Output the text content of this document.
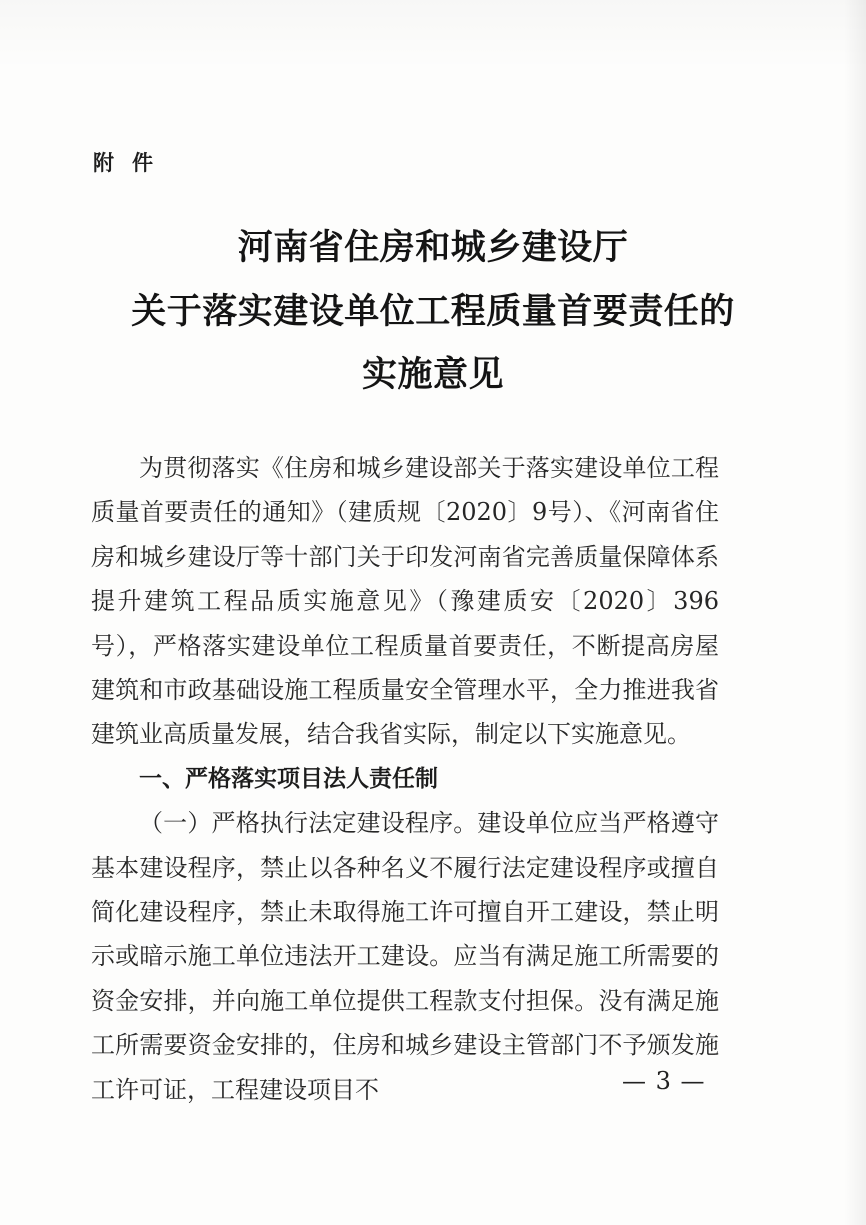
附 件
河南省住房和城乡建设厅
关于落实建设单位工程质量首要责任的
实施意见

为贯彻落实《住房和城乡建设部关于落实建设单位工程质量首要责任的通知》（建质规〔2020〕9号）、《河南省住房和城乡建设厅等十部门关于印发河南省完善质量保障体系提升建筑工程品质实施意见》（豫建质安〔2020〕396号），严格落实建设单位工程质量首要责任，不断提高房屋建筑和市政基础设施工程质量安全管理水平，全力推进我省建筑业高质量发展，结合我省实际，制定以下实施意见。

一、严格落实项目法人责任制

（一）严格执行法定建设程序。建设单位应当严格遵守基本建设程序，禁止以各种名义不履行法定建设程序或擅自简化建设程序，禁止未取得施工许可擅自开工建设，禁止明示或暗示施工单位违法开工建设。应当有满足施工所需要的资金安排，并向施工单位提供工程款支付担保。没有满足施工所需要资金安排的，住房和城乡建设主管部门不予颁发施工许可证，工程建设项目不	— 3 —
